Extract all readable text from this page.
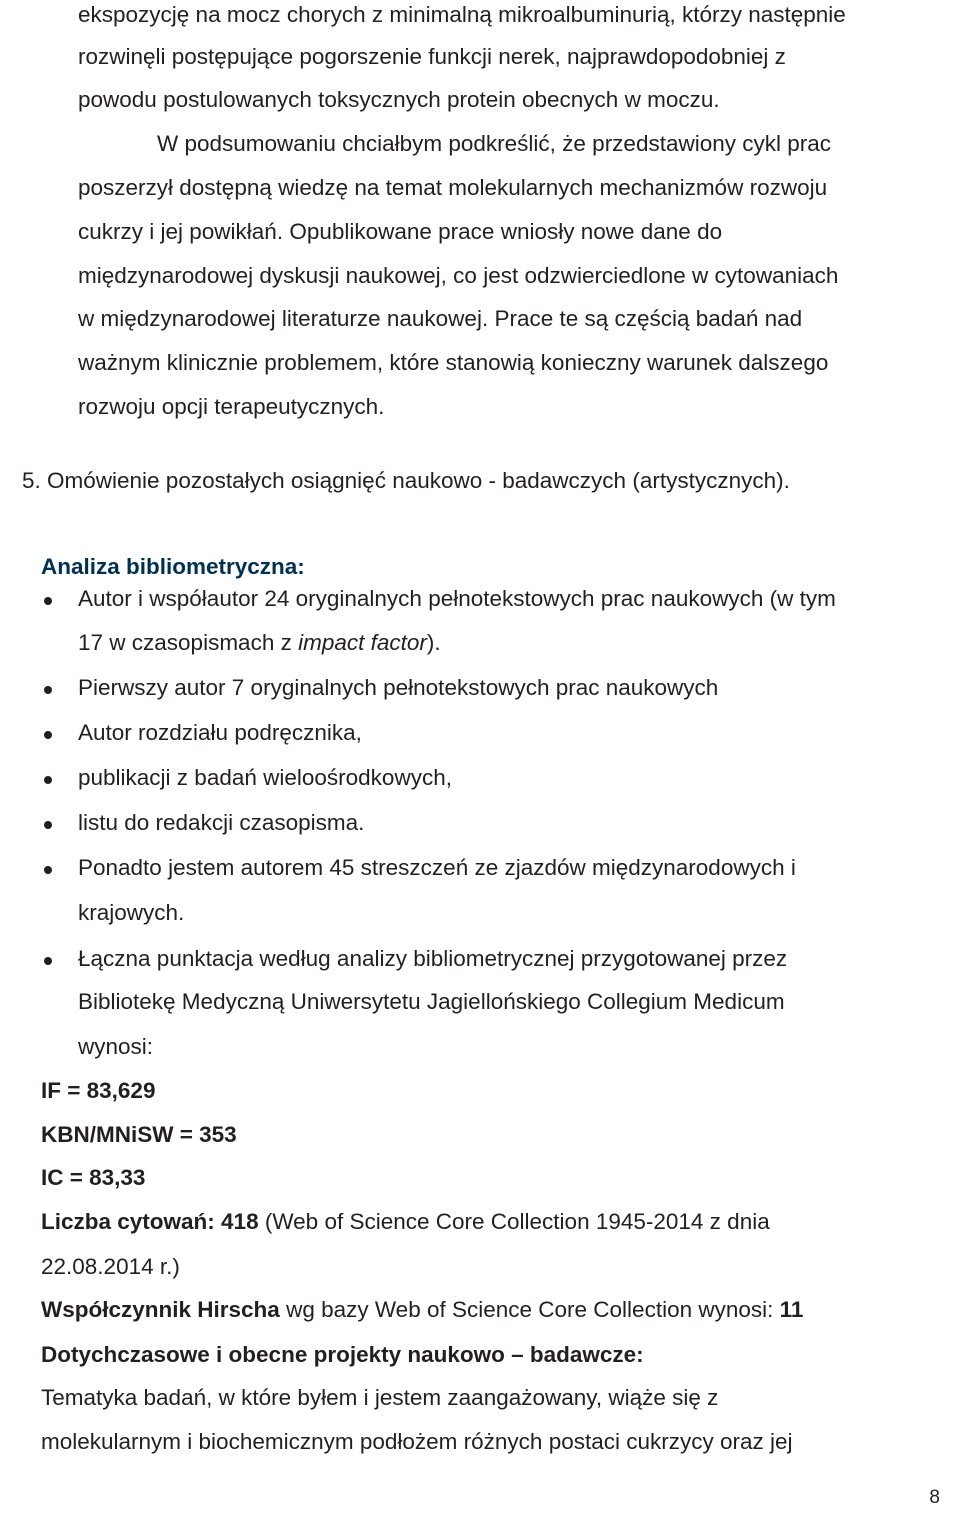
ekspozycję na mocz chorych z minimalną mikroalbuminurią, którzy następnie
rozwinęli postępujące pogorszenie funkcji nerek, najprawdopodobniej z
powodu postulowanych toksycznych protein obecnych w moczu.
W podsumowaniu chciałbym podkreślić, że przedstawiony cykl prac
poszerzył dostępną wiedzę na temat molekularnych mechanizmów rozwoju
cukrzy i jej powikłań. Opublikowane prace wniosły nowe dane do
międzynarodowej dyskusji naukowej, co jest odzwierciedlone w cytowaniach
w międzynarodowej literaturze naukowej. Prace te są częścią badań nad
ważnym klinicznie problemem, które stanowią konieczny warunek dalszego
rozwoju opcji terapeutycznych.
5. Omówienie pozostałych osiągnięć naukowo - badawczych (artystycznych).
Analiza bibliometryczna:
Autor i współautor 24 oryginalnych pełnotekstowych prac naukowych (w tym
17 w czasopismach z impact factor).
Pierwszy autor 7 oryginalnych pełnotekstowych prac naukowych
Autor rozdziału podręcznika,
publikacji z badań wieloośrodkowych,
listu do redakcji czasopisma.
Ponadto jestem autorem 45 streszczeń ze zjazdów międzynarodowych i
krajowych.
Łączna punktacja według analizy bibliometrycznej przygotowanej przez
Bibliotekę Medyczną Uniwersytetu Jagiellońskiego Collegium Medicum
wynosi:
IF = 83,629
KBN/MNiSW = 353
IC = 83,33
Liczba cytowań: 418 (Web of Science Core Collection 1945-2014 z dnia
22.08.2014 r.)
Współczynnik Hirscha wg bazy Web of Science Core Collection wynosi: 11
Dotychczasowe i obecne projekty naukowo – badawcze:
Tematyka badań, w które byłem i jestem zaangażowany, wiąże się z
molekularnym i biochemicznym podłożem różnych postaci cukrzycy oraz jej
8
